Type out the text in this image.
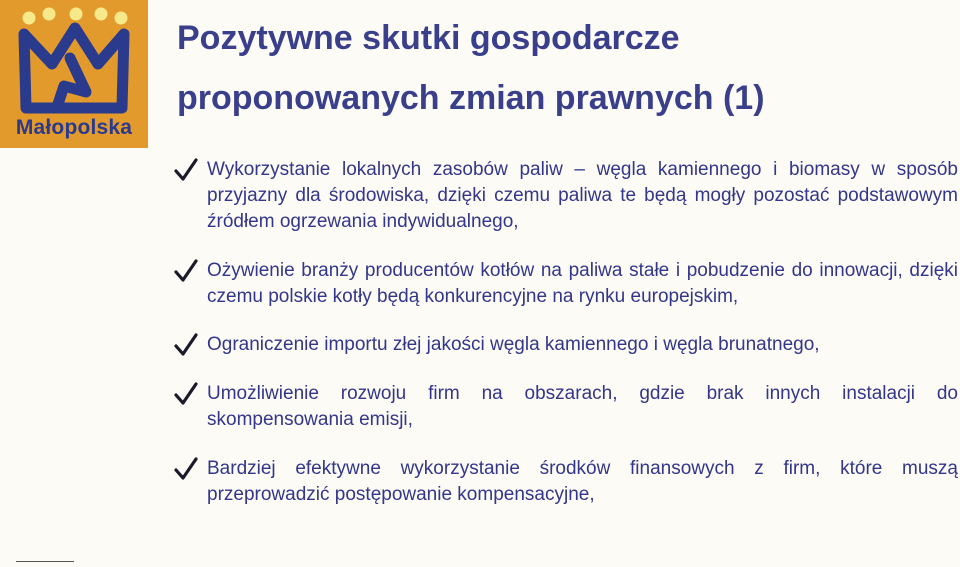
Małopolska
Pozytywne skutki gospodarcze
proponowanych zmian prawnych (1)
Wykorzystanie lokalnych zasobów paliw – węgla kamiennego i biomasy w sposób przyjazny dla środowiska, dzięki czemu paliwa te będą mogły pozostać podstawowym źródłem ogrzewania indywidualnego,
Ożywienie branży producentów kotłów na paliwa stałe i pobudzenie do innowacji, dzięki czemu polskie kotły będą konkurencyjne na rynku europejskim,
Ograniczenie importu złej jakości węgla kamiennego i węgla brunatnego,
Umożliwienie rozwoju firm na obszarach, gdzie brak innych instalacji do skompensowania emisji,
Bardziej efektywne wykorzystanie środków finansowych z firm, które muszą przeprowadzić postępowanie kompensacyjne,
